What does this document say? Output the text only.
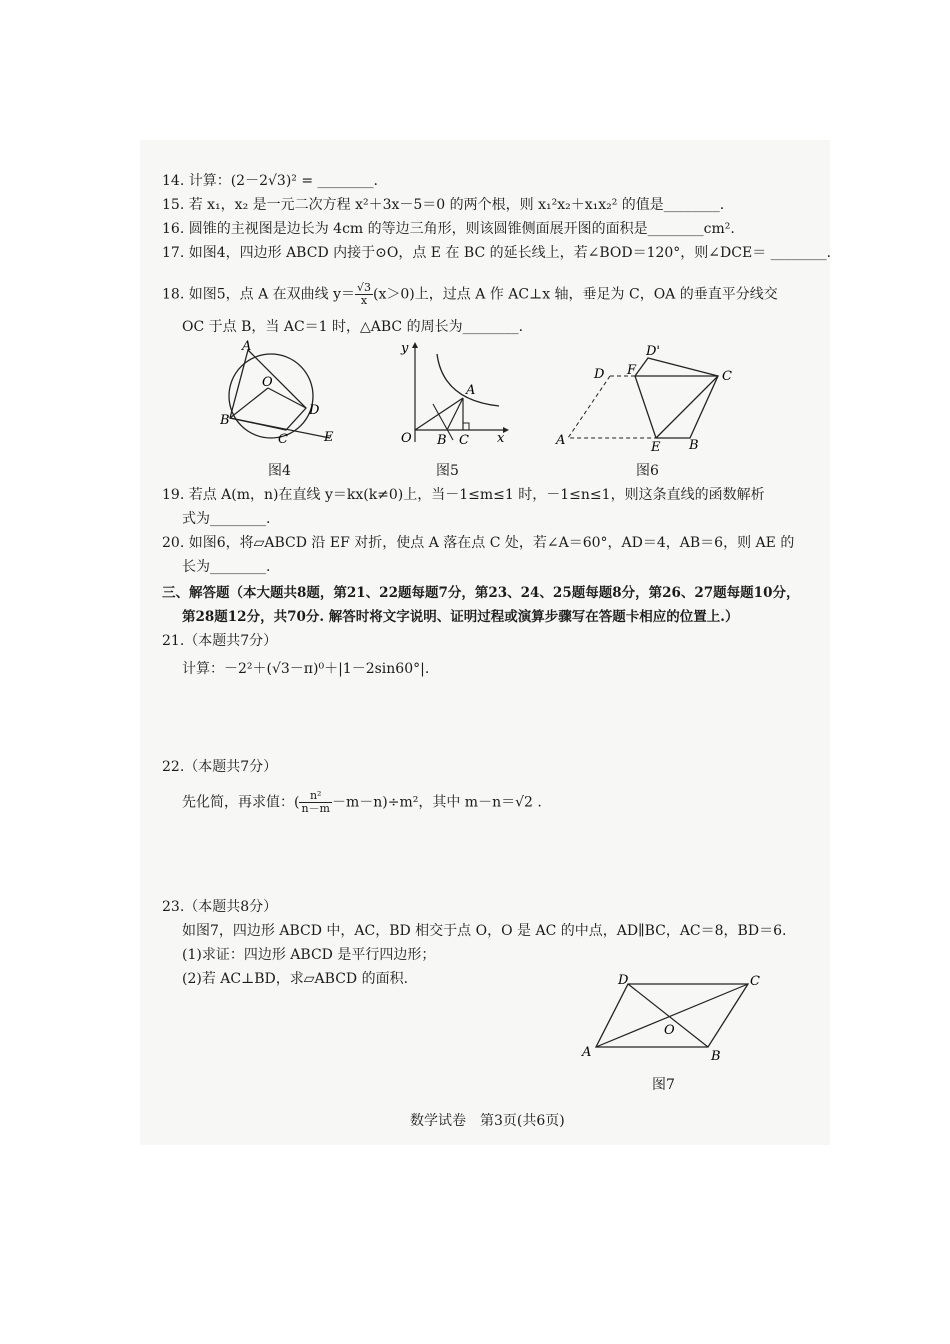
14. 计算：(2－2√3)² = ________.
15. 若 x₁，x₂ 是一元二次方程 x²＋3x－5＝0 的两个根，则 x₁²x₂＋x₁x₂² 的值是________.
16. 圆锥的主视图是边长为 4cm 的等边三角形，则该圆锥侧面展开图的面积是________cm².
17. 如图4，四边形 ABCD 内接于⊙O，点 E 在 BC 的延长线上，若∠BOD＝120°，则∠DCE＝ ________.
18. 如图5，点 A 在双曲线 $y= \frac{√3}{x} (x>0)$上，过点 A 作 AC⊥x 轴，垂足为 C，OA 的垂直平分线交
OC 于点 B，当 AC＝1 时，△ABC 的周长为________.
A
O
B
D
C	E
图4
y
A
O B C x
图5
D'
D F	C
A	E B
图6
19. 若点 A(m，n)在直线 y＝kx(k≠0)上，当－1≤m≤1 时，－1≤n≤1，则这条直线的函数解析
式为________.
20. 如图6，将▱ABCD 沿 EF 对折，使点 A 落在点 C 处，若∠A＝60°，AD＝4，AB＝6，则 AE 的
长为________.
三、解答题（本大题共8题，第21、22题每题7分，第23、24、25题每题8分，第26、27题每题10分，
第28题12分，共70分. 解答时将文字说明、证明过程或演算步骤写在答题卡相应的位置上.）
21.（本题共7分）
计算：－2²＋(√3－π)⁰＋|1－2sin60°|.
22.（本题共7分）
先化简，再求值：( $\frac{\text{n²}}{n-m} -m-n)\div m^2$，其中 m－n＝√2 .
23.（本题共8分）
如图7，四边形 ABCD 中，AC，BD 相交于点 O，O 是 AC 的中点，AD∥BC，AC＝8，BD＝6.
(1)求证：四边形 ABCD 是平行四边形；
(2)若 AC⊥BD，求▱ABCD 的面积.	D	C
O
A	B
图7
数学试卷　第3页(共6页)
